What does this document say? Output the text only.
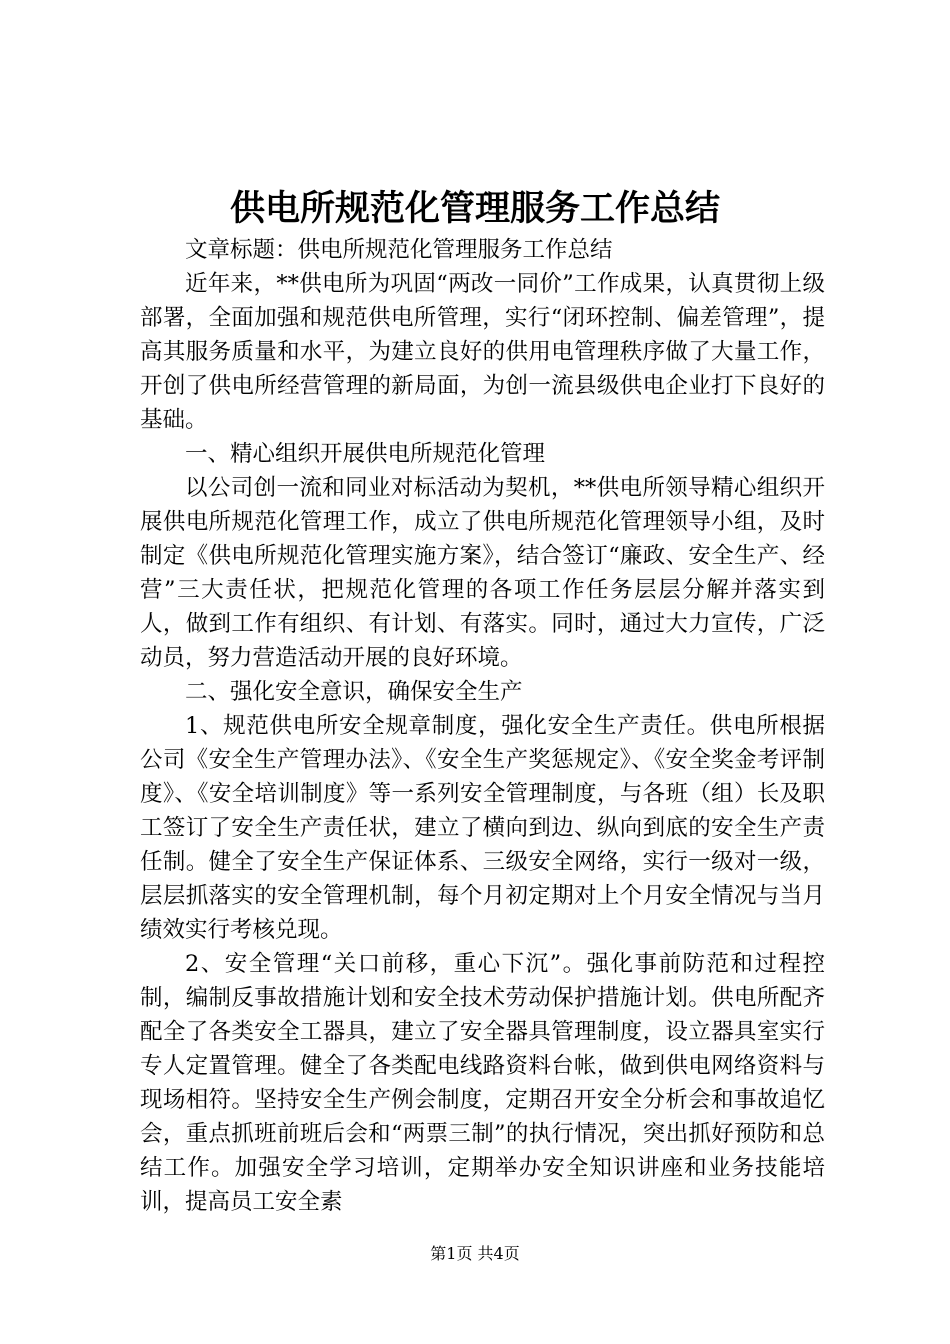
供电所规范化管理服务工作总结

文章标题：供电所规范化管理服务工作总结

近年来，**供电所为巩固“两改一同价”工作成果，认真贯彻上级部署，全面加强和规范供电所管理，实行“闭环控制、偏差管理”，提高其服务质量和水平，为建立良好的供用电管理秩序做了大量工作，开创了供电所经营管理的新局面，为创一流县级供电企业打下良好的基础。

一、精心组织开展供电所规范化管理

以公司创一流和同业对标活动为契机，**供电所领导精心组织开展供电所规范化管理工作，成立了供电所规范化管理领导小组，及时制定《供电所规范化管理实施方案》，结合签订“廉政、安全生产、经营”三大责任状，把规范化管理的各项工作任务层层分解并落实到人，做到工作有组织、有计划、有落实。同时，通过大力宣传，广泛动员，努力营造活动开展的良好环境。

二、强化安全意识，确保安全生产

1、规范供电所安全规章制度，强化安全生产责任。供电所根据公司《安全生产管理办法》、《安全生产奖惩规定》、《安全奖金考评制度》、《安全培训制度》等一系列安全管理制度，与各班（组）长及职工签订了安全生产责任状，建立了横向到边、纵向到底的安全生产责任制。健全了安全生产保证体系、三级安全网络，实行一级对一级，层层抓落实的安全管理机制，每个月初定期对上个月安全情况与当月绩效实行考核兑现。

2、安全管理“关口前移，重心下沉”。强化事前防范和过程控制，编制反事故措施计划和安全技术劳动保护措施计划。供电所配齐配全了各类安全工器具，建立了安全器具管理制度，设立器具室实行专人定置管理。健全了各类配电线路资料台帐，做到供电网络资料与现场相符。坚持安全生产例会制度，定期召开安全分析会和事故追忆会，重点抓班前班后会和“两票三制”的执行情况，突出抓好预防和总结工作。加强安全学习培训，定期举办安全知识讲座和业务技能培训，提高员工安全素

第1页 共4页
